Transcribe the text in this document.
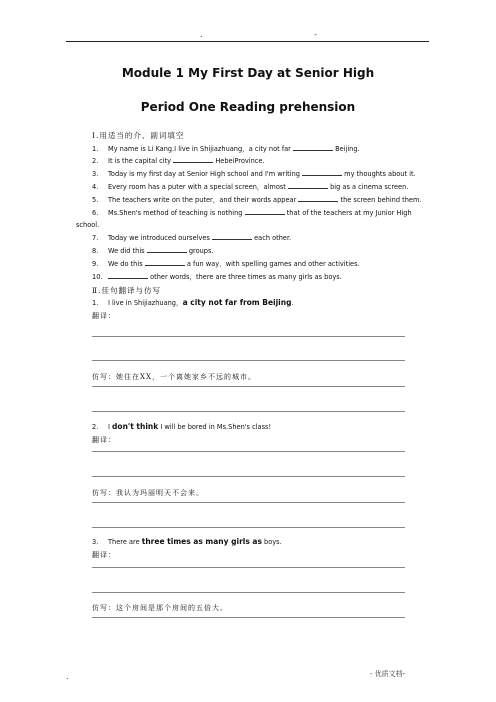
.	-
Module 1 My First Day at Senior High
Period One Reading prehension
Ⅰ.用适当的介、副词填空
1. My name is Li Kang.I live in Shijiazhuang，a city not far	Beijing.
2. It is the capital city	HebeiProvince.
3. Today is my first day at Senior High school and I'm writing	my thoughts about it.
4. Every room has a puter with a special screen，almost	big as a cinema screen.
5. The teachers write on the puter，and their words appear	the screen behind them.
6. Ms.Shen's method of teaching is nothing	that of the teachers at my Junior High
school.
7. Today we introduced ourselves	each other.
8. We did this	groups.
9. We do this	a fun way，with spelling games and other activities.
10.	other words，there are three times as many girls as boys.
Ⅱ.佳句翻译与仿写
1. I live in Shijiazhuang，a city not far from Beijing.
翻译：
仿写：她住在XX，一个离她家乡不远的城市。
2. I don't think I will be bored in Ms.Shen's class!
翻译：
仿写：我认为玛丽明天不会来。
3. There are three times as many girls as boys.
翻译：
仿写：这个房间是那个房间的五倍大。
.	- 优质文档-
